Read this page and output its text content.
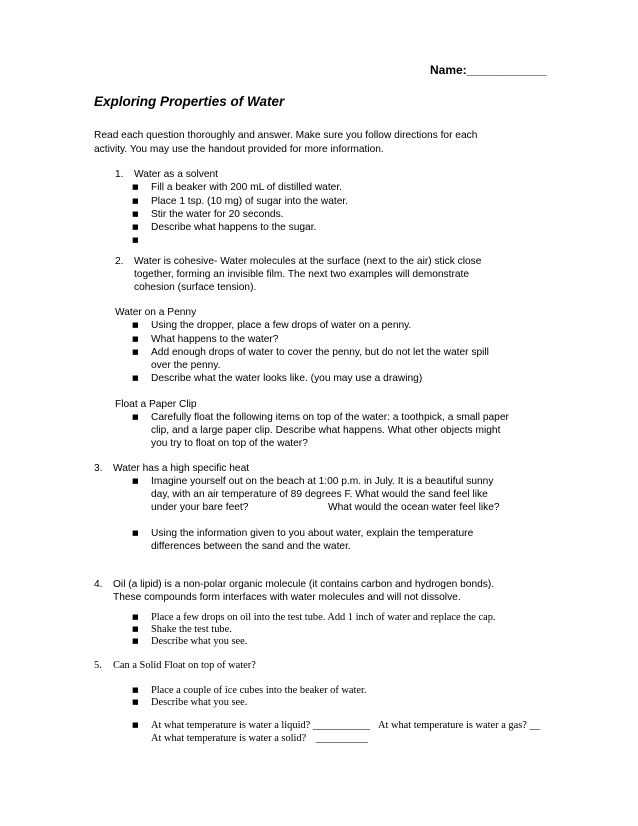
Name:____________
Exploring Properties of Water
Read each question thoroughly and answer. Make sure you follow directions for each
activity. You may use the handout provided for more information.
1. Water as a solvent
■ Fill a beaker with 200 mL of distilled water.
■ Place 1 tsp. (10 mg) of sugar into the water.
■ Stir the water for 20 seconds.
■ Describe what happens to the sugar.
■
2. Water is cohesive- Water molecules at the surface (next to the air) stick close
together, forming an invisible film. The next two examples will demonstrate
cohesion (surface tension).
Water on a Penny
■ Using the dropper, place a few drops of water on a penny.
■ What happens to the water?
■ Add enough drops of water to cover the penny, but do not let the water spill
over the penny.
■ Describe what the water looks like. (you may use a drawing)
Float a Paper Clip
■ Carefully float the following items on top of the water: a toothpick, a small paper
clip, and a large paper clip. Describe what happens. What other objects might
you try to float on top of the water?
3. Water has a high specific heat
■ Imagine yourself out on the beach at 1:00 p.m. in July. It is a beautiful sunny
day, with an air temperature of 89 degrees F. What would the sand feel like
under your bare feet?	What would the ocean water feel like?
■ Using the information given to you about water, explain the temperature
differences between the sand and the water.
4. Oil (a lipid) is a non-polar organic molecule (it contains carbon and hydrogen bonds).
These compounds form interfaces with water molecules and will not dissolve.
■ Place a few drops on oil into the test tube. Add 1 inch of water and replace the cap.
■ Shake the test tube.
■ Describe what you see.
5. Can a Solid Float on top of water?
■ Place a couple of ice cubes into the beaker of water.
■ Describe what you see.
■ At what temperature is water a liquid? ___________ At what temperature is water a gas? __
At what temperature is water a solid? __________
